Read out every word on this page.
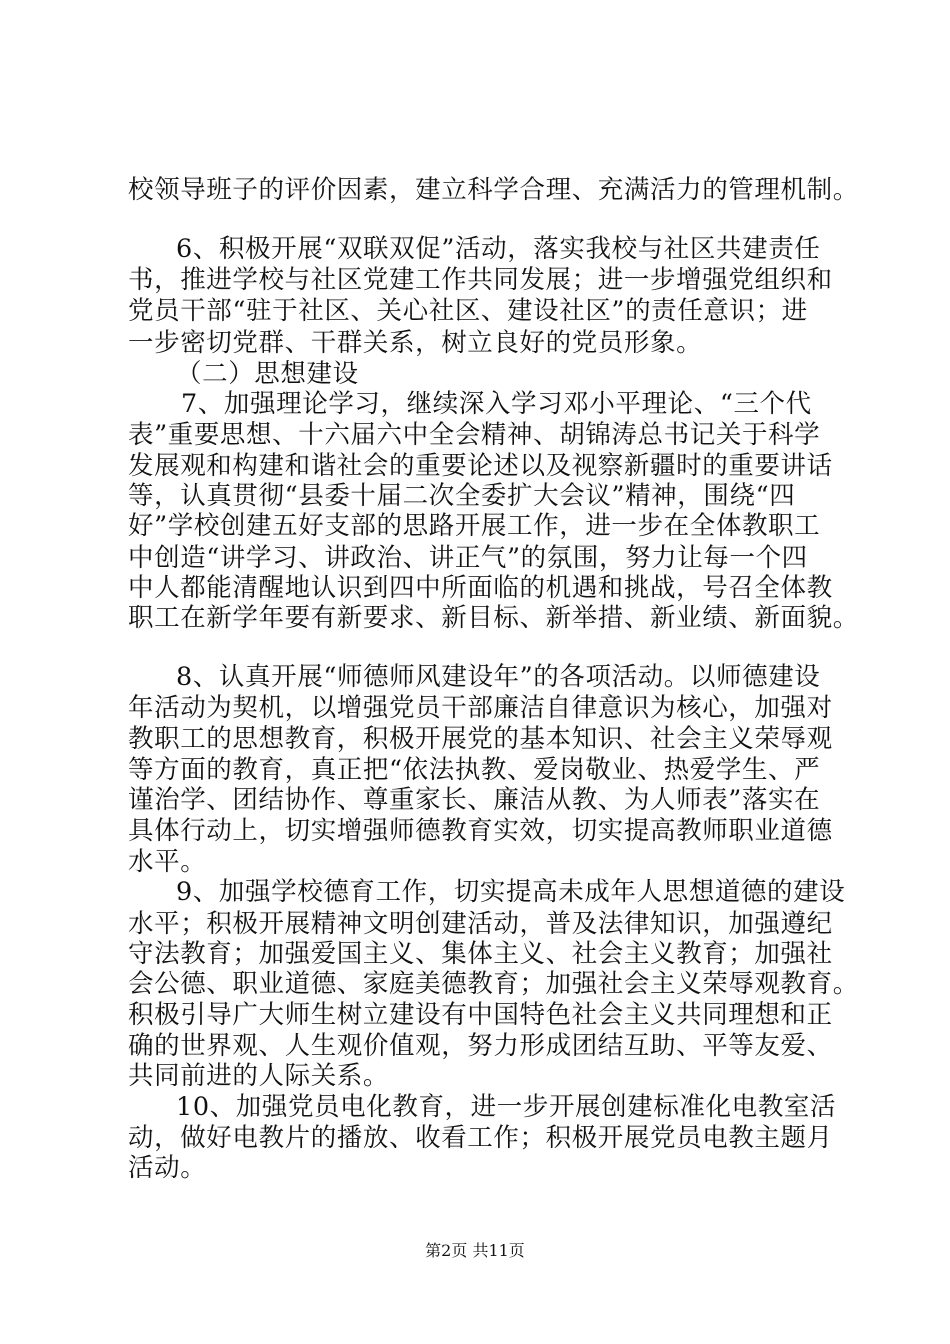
校领导班子的评价因素，建立科学合理、充满活力的管理机制。
6、积极开展“双联双促”活动，落实我校与社区共建责任
书，推进学校与社区党建工作共同发展；进一步增强党组织和
党员干部“驻于社区、关心社区、建设社区”的责任意识；进
一步密切党群、干群关系，树立良好的党员形象。
（二）思想建设
7、加强理论学习，继续深入学习邓小平理论、“三个代
表”重要思想、十六届六中全会精神、胡锦涛总书记关于科学
发展观和构建和谐社会的重要论述以及视察新疆时的重要讲话
等，认真贯彻“县委十届二次全委扩大会议”精神，围绕“四
好”学校创建五好支部的思路开展工作，进一步在全体教职工
中创造“讲学习、讲政治、讲正气”的氛围，努力让每一个四
中人都能清醒地认识到四中所面临的机遇和挑战，号召全体教
职工在新学年要有新要求、新目标、新举措、新业绩、新面貌。
8、认真开展“师德师风建设年”的各项活动。以师德建设
年活动为契机，以增强党员干部廉洁自律意识为核心，加强对
教职工的思想教育，积极开展党的基本知识、社会主义荣辱观
等方面的教育，真正把“依法执教、爱岗敬业、热爱学生、严
谨治学、团结协作、尊重家长、廉洁从教、为人师表”落实在
具体行动上，切实增强师德教育实效，切实提高教师职业道德
水平。
9、加强学校德育工作，切实提高未成年人思想道德的建设
水平；积极开展精神文明创建活动，普及法律知识，加强遵纪
守法教育；加强爱国主义、集体主义、社会主义教育；加强社
会公德、职业道德、家庭美德教育；加强社会主义荣辱观教育。
积极引导广大师生树立建设有中国特色社会主义共同理想和正
确的世界观、人生观价值观，努力形成团结互助、平等友爱、
共同前进的人际关系。
10、加强党员电化教育，进一步开展创建标准化电教室活
动，做好电教片的播放、收看工作；积极开展党员电教主题月
活动。
第2页 共11页
